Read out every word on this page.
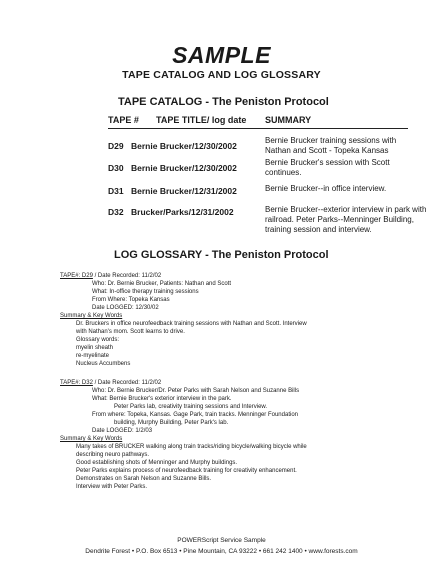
SAMPLE
TAPE CATALOG AND LOG GLOSSARY
TAPE CATALOG - The Peniston Protocol
TAPE # TAPE TITLE/ log date SUMMARY
D29 Bernie Brucker/12/30/2002
Bernie Brucker training sessions with Nathan and Scott - Topeka Kansas
D30 Bernie Brucker/12/30/2002
Bernie Brucker's session with Scott continues.
D31 Bernie Brucker/12/31/2002	Bernie Brucker--in office interview.
D32 Brucker/Parks/12/31/2002	Bernie Brucker--exterior interview in park with railroad. Peter Parks--Menninger Building, training session and interview.
LOG GLOSSARY - The Peniston Protocol
TAPE#: D29 / Date Recorded: 11/2/02
Who: Dr. Bernie Brucker, Patients: Nathan and Scott
What: In-office therapy training sessions
From Where: Topeka Kansas
Date LOGGED: 12/30/02
Summary & Key Words
Dr. Bruckers in office neurofeedback training sessions with Nathan and Scott. Interview
with Nathan's mom. Scott learns to drive.
Glossary words:
myelin sheath
re-myelinate
Nucleus Accumbens
TAPE#: D32 / Date Recorded: 11/2/02
Who: Dr. Bernie Brucker/Dr. Peter Parks with Sarah Nelson and Suzanne Bills
What: Bernie Brucker's exterior interview in the park.
Peter Parks lab, creativity training sessions and Interview.
From where: Topeka, Kansas. Gage Park, train tracks. Menninger Foundation
building, Murphy Building, Peter Park's lab.
Date LOGGED: 1/2/03
Summary & Key Words
Many takes of BRUCKER walking along train tracks/riding bicycle/walking bicycle while
describing neuro pathways.
Good establishing shots of Menninger and Murphy buildings.
Peter Parks explains process of neurofeedback training for creativity enhancement.
Demonstrates on Sarah Nelson and Suzanne Bills.
Interview with Peter Parks.
POWERScript Service Sample
Dendrite Forest • P.O. Box 6513 • Pine Mountain, CA 93222 • 661 242 1400 • www.forests.com
